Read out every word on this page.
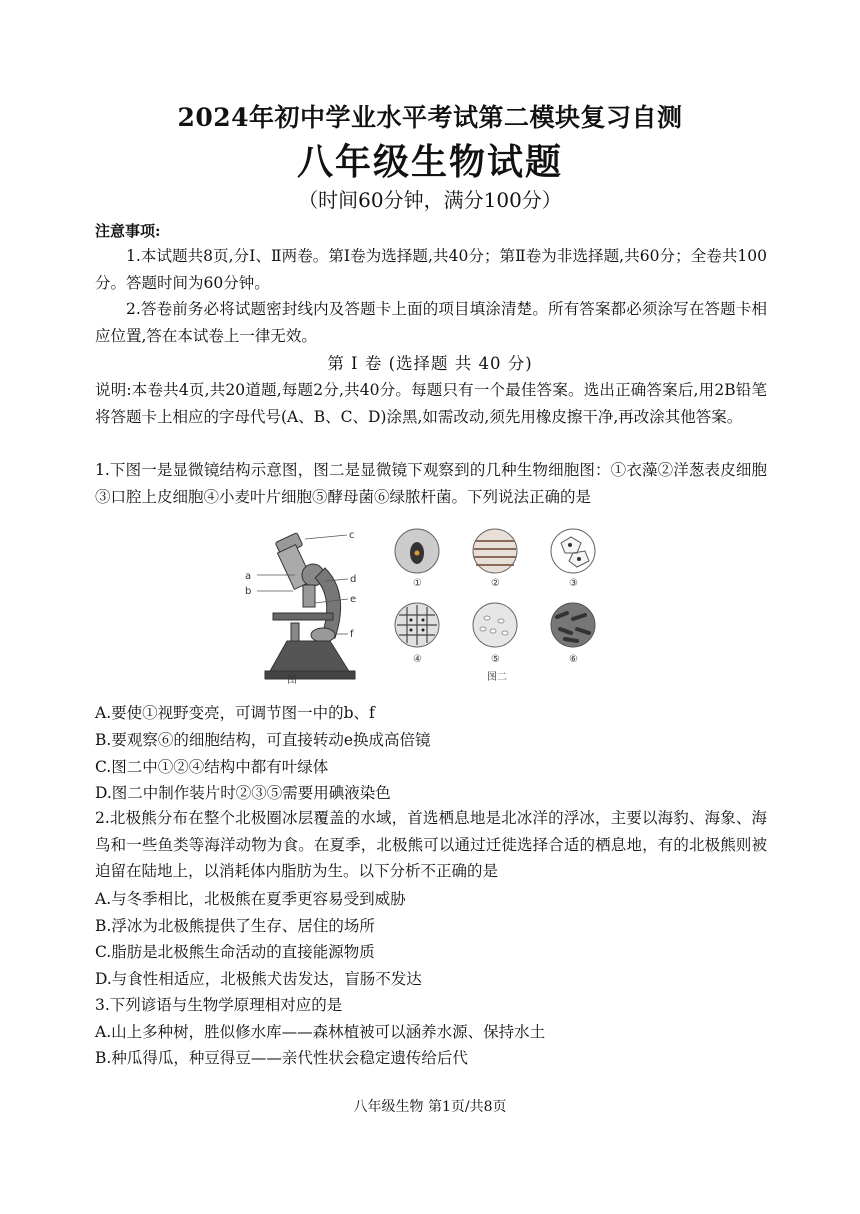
2024年初中学业水平考试第二模块复习自测
八年级生物试题
（时间60分钟，满分100分）
注意事项:
1.本试题共8页,分Ⅰ、Ⅱ两卷。第Ⅰ卷为选择题,共40分；第Ⅱ卷为非选择题,共60分；全卷共100分。答题时间为60分钟。
2.答卷前务必将试题密封线内及答题卡上面的项目填涂清楚。所有答案都必须涂写在答题卡相应位置,答在本试卷上一律无效。
第 Ⅰ 卷 (选择题 共 40 分)
说明:本卷共4页,共20道题,每题2分,共40分。每题只有一个最佳答案。选出正确答案后,用2B铅笔将答题卡上相应的字母代号(A、B、C、D)涂黑,如需改动,须先用橡皮擦干净,再改涂其他答案。
1.下图一是显微镜结构示意图，图二是显微镜下观察到的几种生物细胞图：①衣藻②洋葱表皮细胞③口腔上皮细胞④小麦叶片细胞⑤酵母菌⑥绿脓杆菌。下列说法正确的是
c
a
b
d
e
f
图一
①	②	③
④	⑤	⑥
图二
A.要使①视野变亮，可调节图一中的b、f
B.要观察⑥的细胞结构，可直接转动e换成高倍镜
C.图二中①②④结构中都有叶绿体
D.图二中制作装片时②③⑤需要用碘液染色
2.北极熊分布在整个北极圈冰层覆盖的水域，首选栖息地是北冰洋的浮冰，主要以海豹、海象、海鸟和一些鱼类等海洋动物为食。在夏季，北极熊可以通过迁徙选择合适的栖息地，有的北极熊则被迫留在陆地上，以消耗体内脂肪为生。以下分析不正确的是
A.与冬季相比，北极熊在夏季更容易受到威胁
B.浮冰为北极熊提供了生存、居住的场所
C.脂肪是北极熊生命活动的直接能源物质
D.与食性相适应，北极熊犬齿发达，盲肠不发达
3.下列谚语与生物学原理相对应的是
A.山上多种树，胜似修水库——森林植被可以涵养水源、保持水土
B.种瓜得瓜，种豆得豆——亲代性状会稳定遗传给后代
八年级生物 第1页/共8页
